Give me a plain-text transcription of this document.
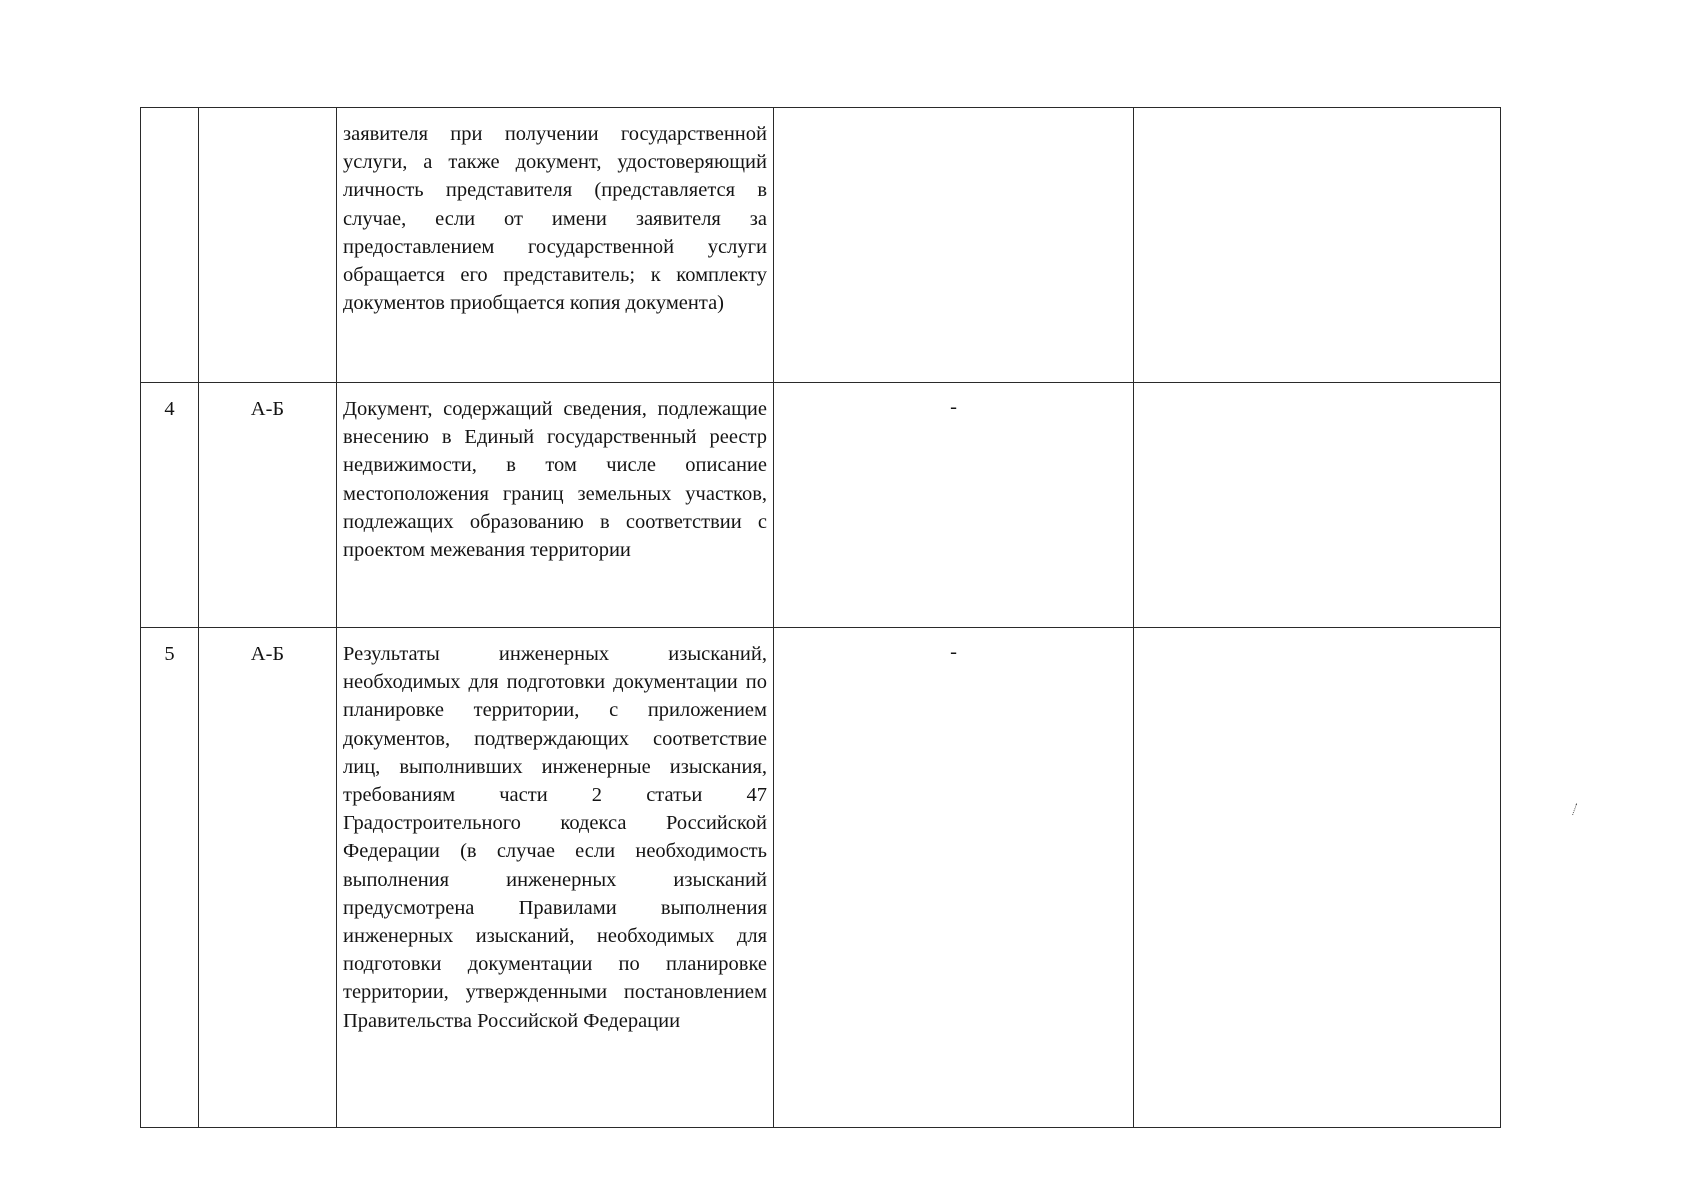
		заявителя при получении государственной услуги, а также документ, удостоверяющий личность представителя (представляется в случае, если от имени заявителя за предоставлением государственной услуги обращается его представитель; к комплекту документов приобщается копия документа)		

4	А-Б	Документ, содержащий сведения, подлежащие внесению в Единый государственный реестр недвижимости, в том числе описание местоположения границ земельных участков, подлежащих образованию в соответствии с проектом межевания территории	-	
5	А-Б	Результаты инженерных изысканий, необходимых для подготовки документации по планировке территории, с приложением документов, подтверждающих соответствие лиц, выполнивших инженерные изыскания, требованиям части 2 статьи 47 Градостроительного кодекса Российской Федерации (в случае если необходимость выполнения инженерных изысканий предусмотрена Правилами выполнения инженерных изысканий, необходимых для подготовки документации по планировке территории, утвержденными постановлением Правительства Российской Федерации	-	
